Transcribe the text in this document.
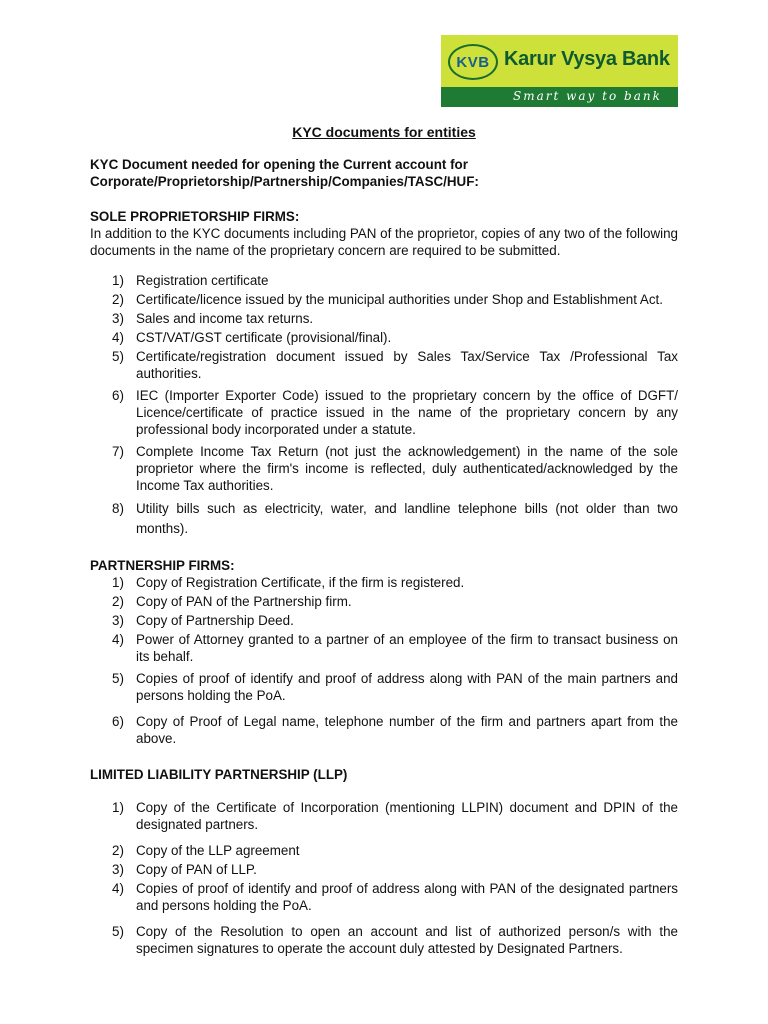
KVB Karur Vysya Bank
Smart way to bank

KYC documents for entities

KYC Document needed for opening the Current account for
Corporate/Proprietorship/Partnership/Companies/TASC/HUF:

SOLE PROPRIETORSHIP FIRMS:

In addition to the KYC documents including PAN of the proprietor, copies of any two of the following documents in the name of the proprietary concern are required to be submitted.

1) Registration certificate
2) Certificate/licence issued by the municipal authorities under Shop and Establishment Act.
3) Sales and income tax returns.
4) CST/VAT/GST certificate (provisional/final).
5) Certificate/registration document issued by Sales Tax/Service Tax /Professional Tax authorities.
6) IEC (Importer Exporter Code) issued to the proprietary concern by the office of DGFT/ Licence/certificate of practice issued in the name of the proprietary concern by any professional body incorporated under a statute.
7) Complete Income Tax Return (not just the acknowledgement) in the name of the sole proprietor where the firm's income is reflected, duly authenticated/acknowledged by the Income Tax authorities.
8) Utility bills such as electricity, water, and landline telephone bills (not older than two months).

PARTNERSHIP FIRMS:

1) Copy of Registration Certificate, if the firm is registered.
2) Copy of PAN of the Partnership firm.
3) Copy of Partnership Deed.
4) Power of Attorney granted to a partner of an employee of the firm to transact business on its behalf.
5) Copies of proof of identify and proof of address along with PAN of the main partners and persons holding the PoA.
6) Copy of Proof of Legal name, telephone number of the firm and partners apart from the above.

LIMITED LIABILITY PARTNERSHIP (LLP)

1) Copy of the Certificate of Incorporation (mentioning LLPIN) document and DPIN of the designated partners.
2) Copy of the LLP agreement
3) Copy of PAN of LLP.
4) Copies of proof of identify and proof of address along with PAN of the designated partners and persons holding the PoA.
5) Copy of the Resolution to open an account and list of authorized person/s with the specimen signatures to operate the account duly attested by Designated Partners.
